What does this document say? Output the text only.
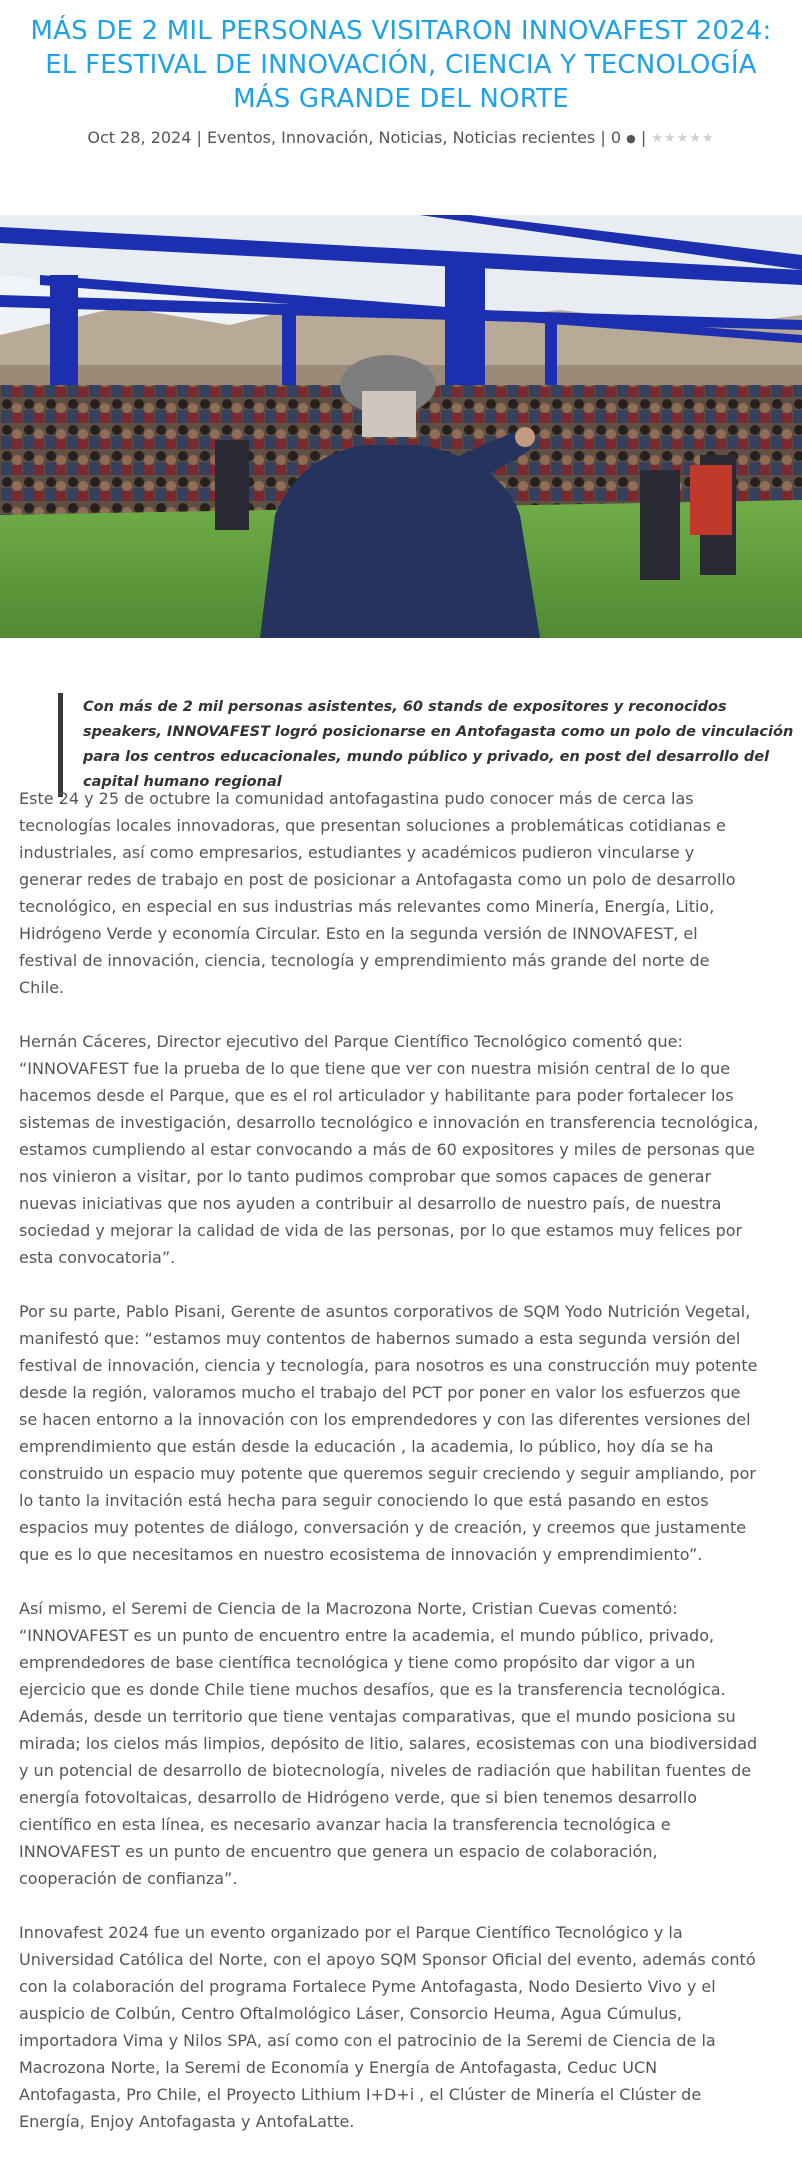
MÁS DE 2 MIL PERSONAS VISITARON INNOVAFEST 2024: EL FESTIVAL DE INNOVACIÓN, CIENCIA Y TECNOLOGÍA MÁS GRANDE DEL NORTE
Oct 28, 2024 | Eventos, Innovación, Noticias, Noticias recientes | 0 ● | ★★★★★
Con más de 2 mil personas asistentes, 60 stands de expositores y reconocidos speakers, INNOVAFEST logró posicionarse en Antofagasta como un polo de vinculación para los centros educacionales, mundo público y privado, en post del desarrollo del capital humano regional

Este 24 y 25 de octubre la comunidad antofagastina pudo conocer más de cerca las tecnologías locales innovadoras, que presentan soluciones a problemáticas cotidianas e industriales, así como empresarios, estudiantes y académicos pudieron vincularse y generar redes de trabajo en post de posicionar a Antofagasta como un polo de desarrollo tecnológico, en especial en sus industrias más relevantes como Minería, Energía, Litio, Hidrógeno Verde y economía Circular. Esto en la segunda versión de INNOVAFEST, el festival de innovación, ciencia, tecnología y emprendimiento más grande del norte de Chile.

Hernán Cáceres, Director ejecutivo del Parque Científico Tecnológico comentó que: “INNOVAFEST fue la prueba de lo que tiene que ver con nuestra misión central de lo que hacemos desde el Parque, que es el rol articulador y habilitante para poder fortalecer los sistemas de investigación, desarrollo tecnológico e innovación en transferencia tecnológica, estamos cumpliendo al estar convocando a más de 60 expositores y miles de personas que nos vinieron a visitar, por lo tanto pudimos comprobar que somos capaces de generar nuevas iniciativas que nos ayuden a contribuir al desarrollo de nuestro país, de nuestra sociedad y mejorar la calidad de vida de las personas, por lo que estamos muy felices por esta convocatoria”.

Por su parte, Pablo Pisani, Gerente de asuntos corporativos de SQM Yodo Nutrición Vegetal, manifestó que: “estamos muy contentos de habernos sumado a esta segunda versión del festival de innovación, ciencia y tecnología, para nosotros es una construcción muy potente desde la región, valoramos mucho el trabajo del PCT por poner en valor los esfuerzos que se hacen entorno a la innovación con los emprendedores y con las diferentes versiones del emprendimiento que están desde la educación , la academia, lo público, hoy día se ha construido un espacio muy potente que queremos seguir creciendo y seguir ampliando, por lo tanto la invitación está hecha para seguir conociendo lo que está pasando en estos espacios muy potentes de diálogo, conversación y de creación, y creemos que justamente que es lo que necesitamos en nuestro ecosistema de innovación y emprendimiento”.

Así mismo, el Seremi de Ciencia de la Macrozona Norte, Cristian Cuevas comentó: “INNOVAFEST es un punto de encuentro entre la academia, el mundo público, privado, emprendedores de base científica tecnológica y tiene como propósito dar vigor a un ejercicio que es donde Chile tiene muchos desafíos, que es la transferencia tecnológica. Además, desde un territorio que tiene ventajas comparativas, que el mundo posiciona su mirada; los cielos más limpios, depósito de litio, salares, ecosistemas con una biodiversidad y un potencial de desarrollo de biotecnología, niveles de radiación que habilitan fuentes de energía fotovoltaicas, desarrollo de Hidrógeno verde, que si bien tenemos desarrollo científico en esta línea, es necesario avanzar hacia la transferencia tecnológica e INNOVAFEST es un punto de encuentro que genera un espacio de colaboración, cooperación de confianza”.

Innovafest 2024 fue un evento organizado por el Parque Científico Tecnológico y la Universidad Católica del Norte, con el apoyo SQM Sponsor Oficial del evento, además contó con la colaboración del programa Fortalece Pyme Antofagasta, Nodo Desierto Vivo y el auspicio de Colbún, Centro Oftalmológico Láser, Consorcio Heuma, Agua Cúmulus, importadora Vima y Nilos SPA, así como con el patrocinio de la Seremi de Ciencia de la Macrozona Norte, la Seremi de Economía y Energía de Antofagasta, Ceduc UCN Antofagasta, Pro Chile, el Proyecto Lithium I+D+i , el Clúster de Minería el Clúster de Energía, Enjoy Antofagasta y AntofaLatte.
